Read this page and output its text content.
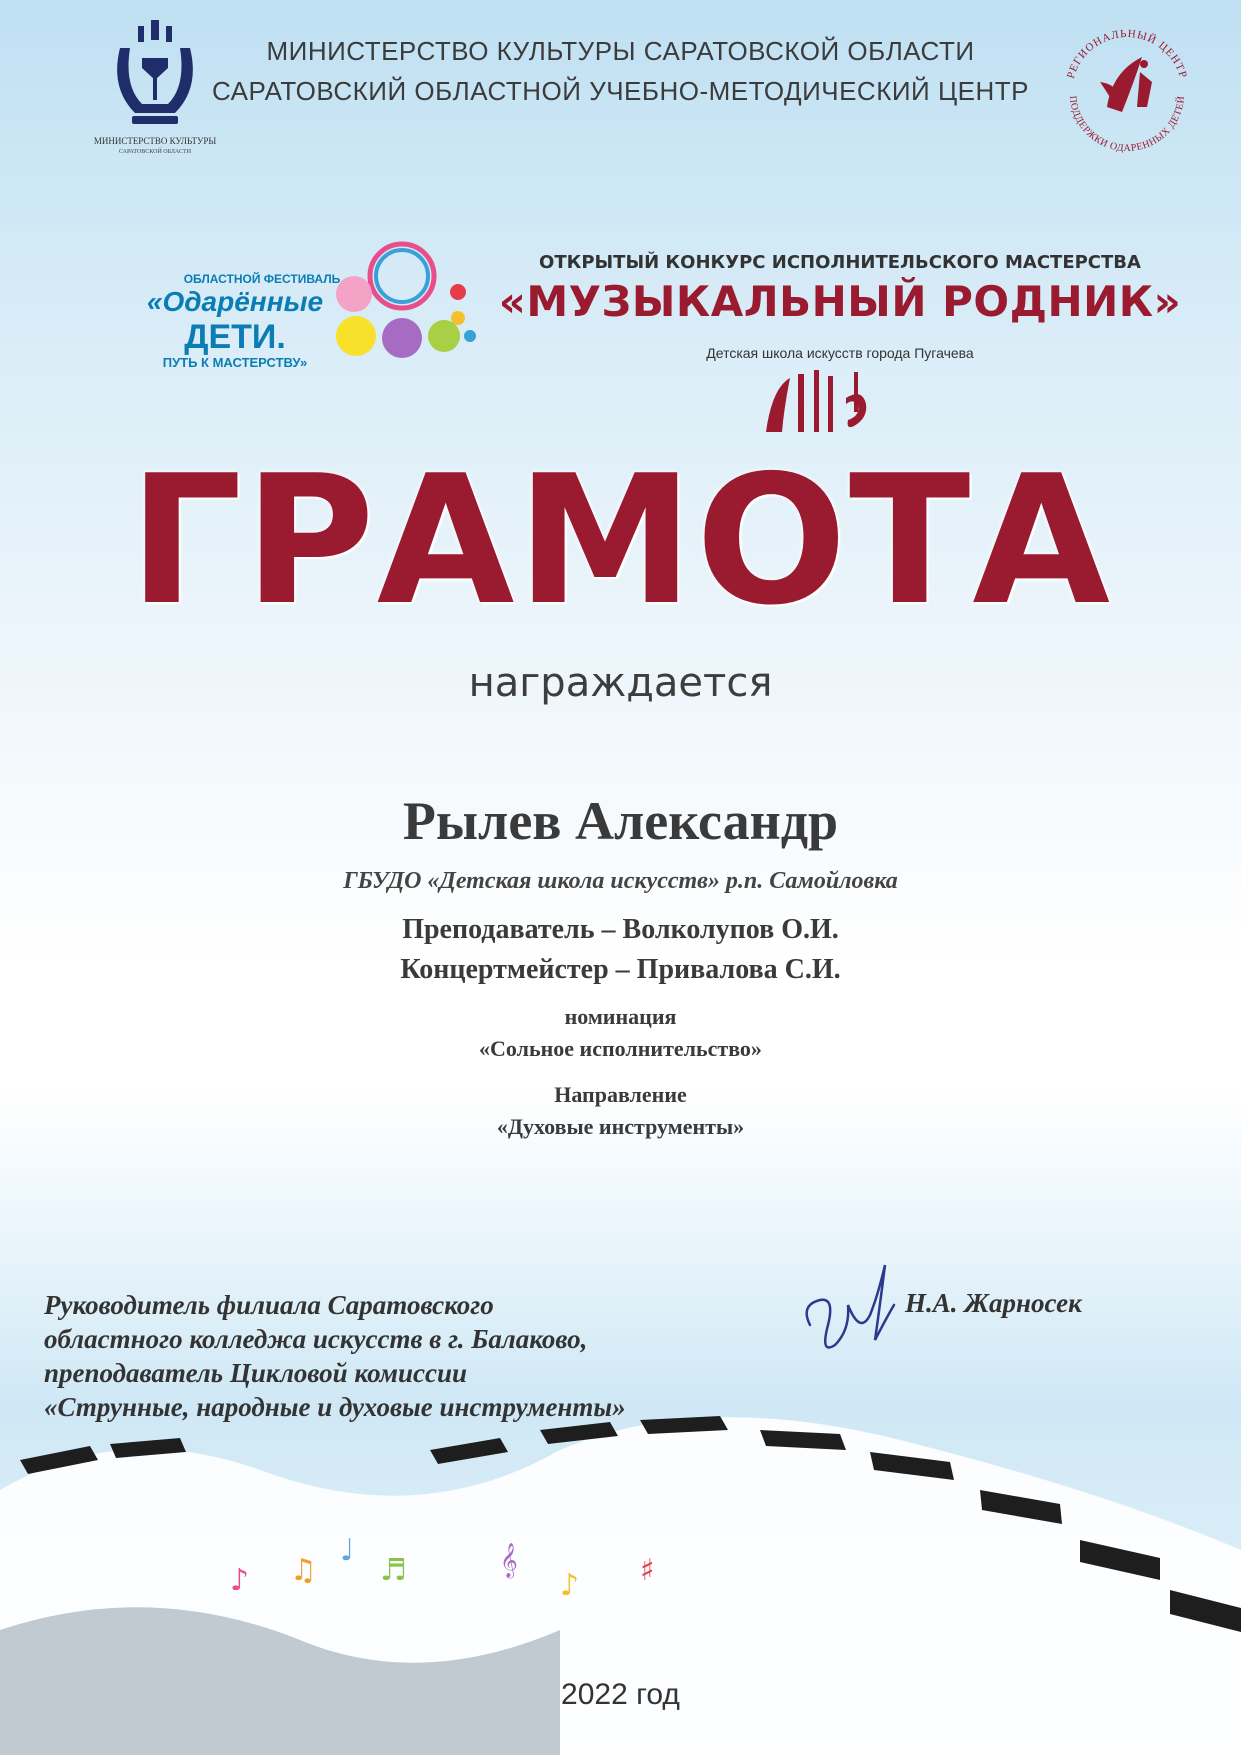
МИНИСТЕРСТВО КУЛЬТУРЫ САРАТОВСКОЙ ОБЛАСТИ
САРАТОВСКИЙ ОБЛАСТНОЙ УЧЕБНО-МЕТОДИЧЕСКИЙ ЦЕНТР
МИНИСТЕРСТВО КУЛЬТУРЫ
САРАТОВСКОЙ ОБЛАСТИ
РЕГИОНАЛЬНЫЙ ЦЕНТР
ПОДДЕРЖКИ ОДАРЕННЫХ ДЕТЕЙ
ОБЛАСТНОЙ ФЕСТИВАЛЬ
«Одарённые
ДЕТИ.
ПУТЬ К МАСТЕРСТВУ»
ОТКРЫТЫЙ КОНКУРС ИСПОЛНИТЕЛЬСКОГО МАСТЕРСТВА
«МУЗЫКАЛЬНЫЙ РОДНИК»
Детская школа искусств города Пугачева
ГРАМОТА
награждается
Рылев Александр
ГБУДО «Детская школа искусств» р.п. Самойловка
Преподаватель – Волколупов О.И.
Концертмейстер – Привалова С.И.
номинация
«Сольное исполнительство»
Направление
«Духовые инструменты»
♪ ♫
♩
♬	𝄞
♪ ♯
Руководитель филиала Саратовского
областного колледжа искусств в г. Балаково,
преподаватель Цикловой комиссии
«Струнные, народные и духовые инструменты»
Н.А. Жарносек
2022 год
